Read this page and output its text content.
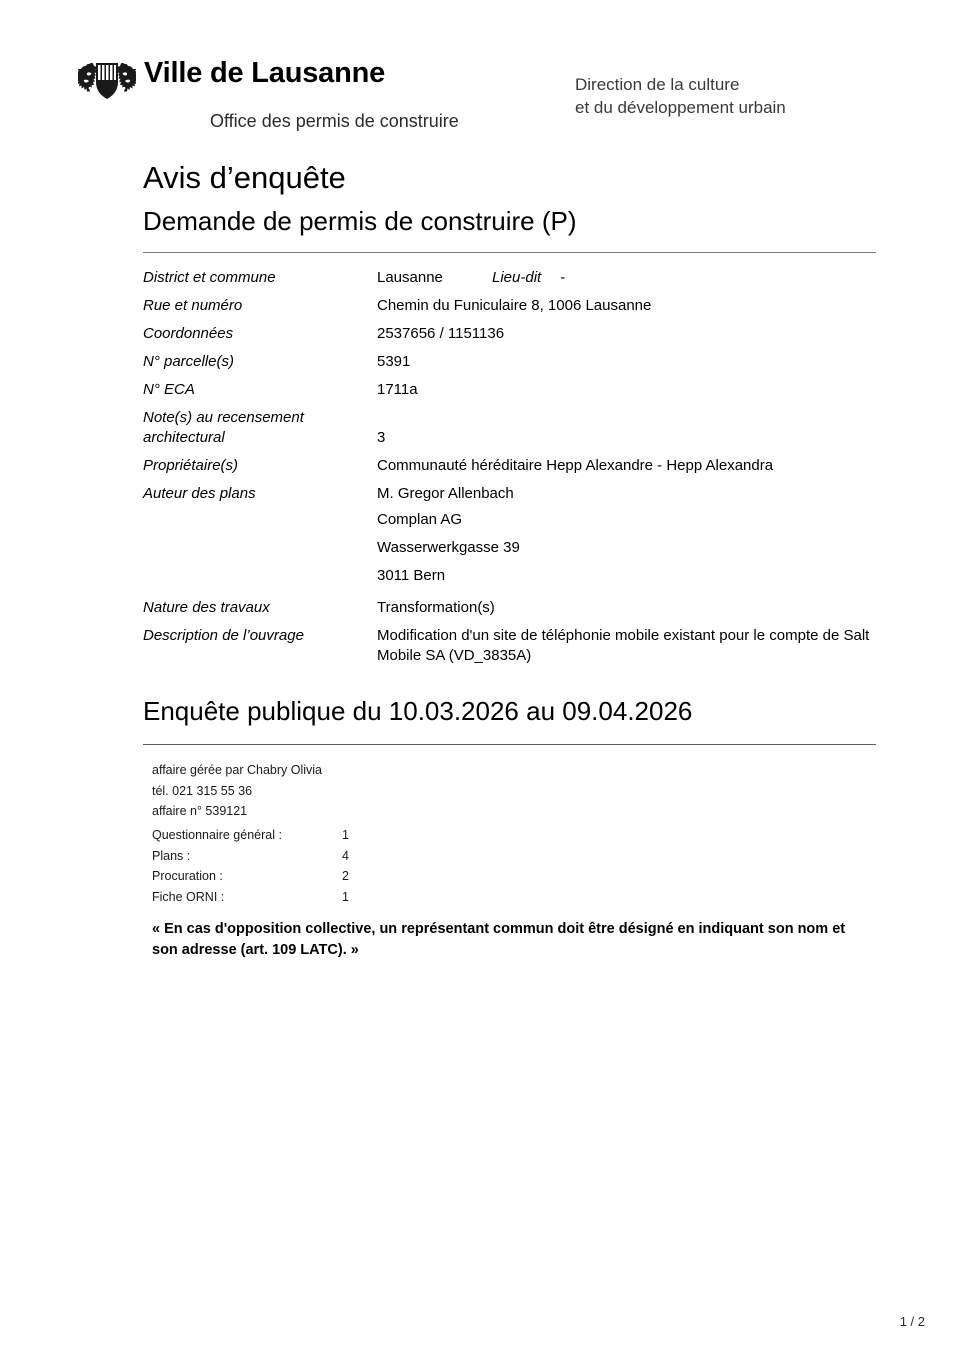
Ville de Lausanne
Office des permis de construire
Direction de la culture
et du développement urbain
Avis d’enquête
Demande de permis de construire (P)
District et commune	Lausanne	Lieu-dit -
Rue et numéro	Chemin du Funiculaire 8, 1006 Lausanne
Coordonnées	2537656 / 1151136
N° parcelle(s)	5391
N° ECA	1711a
Note(s) au recensement
architectural	3
Propriétaire(s)	Communauté héréditaire Hepp Alexandre - Hepp Alexandra
Auteur des plans	M. Gregor Allenbach
Complan AG
Wasserwerkgasse 39
3011 Bern
Nature des travaux	Transformation(s)
Description de l’ouvrage	Modification d'un site de téléphonie mobile existant pour le compte de Salt Mobile SA (VD_3835A)
Enquête publique du 10.03.2026 au 09.04.2026
affaire gérée par Chabry Olivia
tél. 021 315 55 36
affaire n° 539121
Questionnaire général :	1
Plans :	4
Procuration :	2
Fiche ORNI :	1
« En cas d'opposition collective, un représentant commun doit être désigné en indiquant son nom et son adresse (art. 109 LATC). »
1 / 2
